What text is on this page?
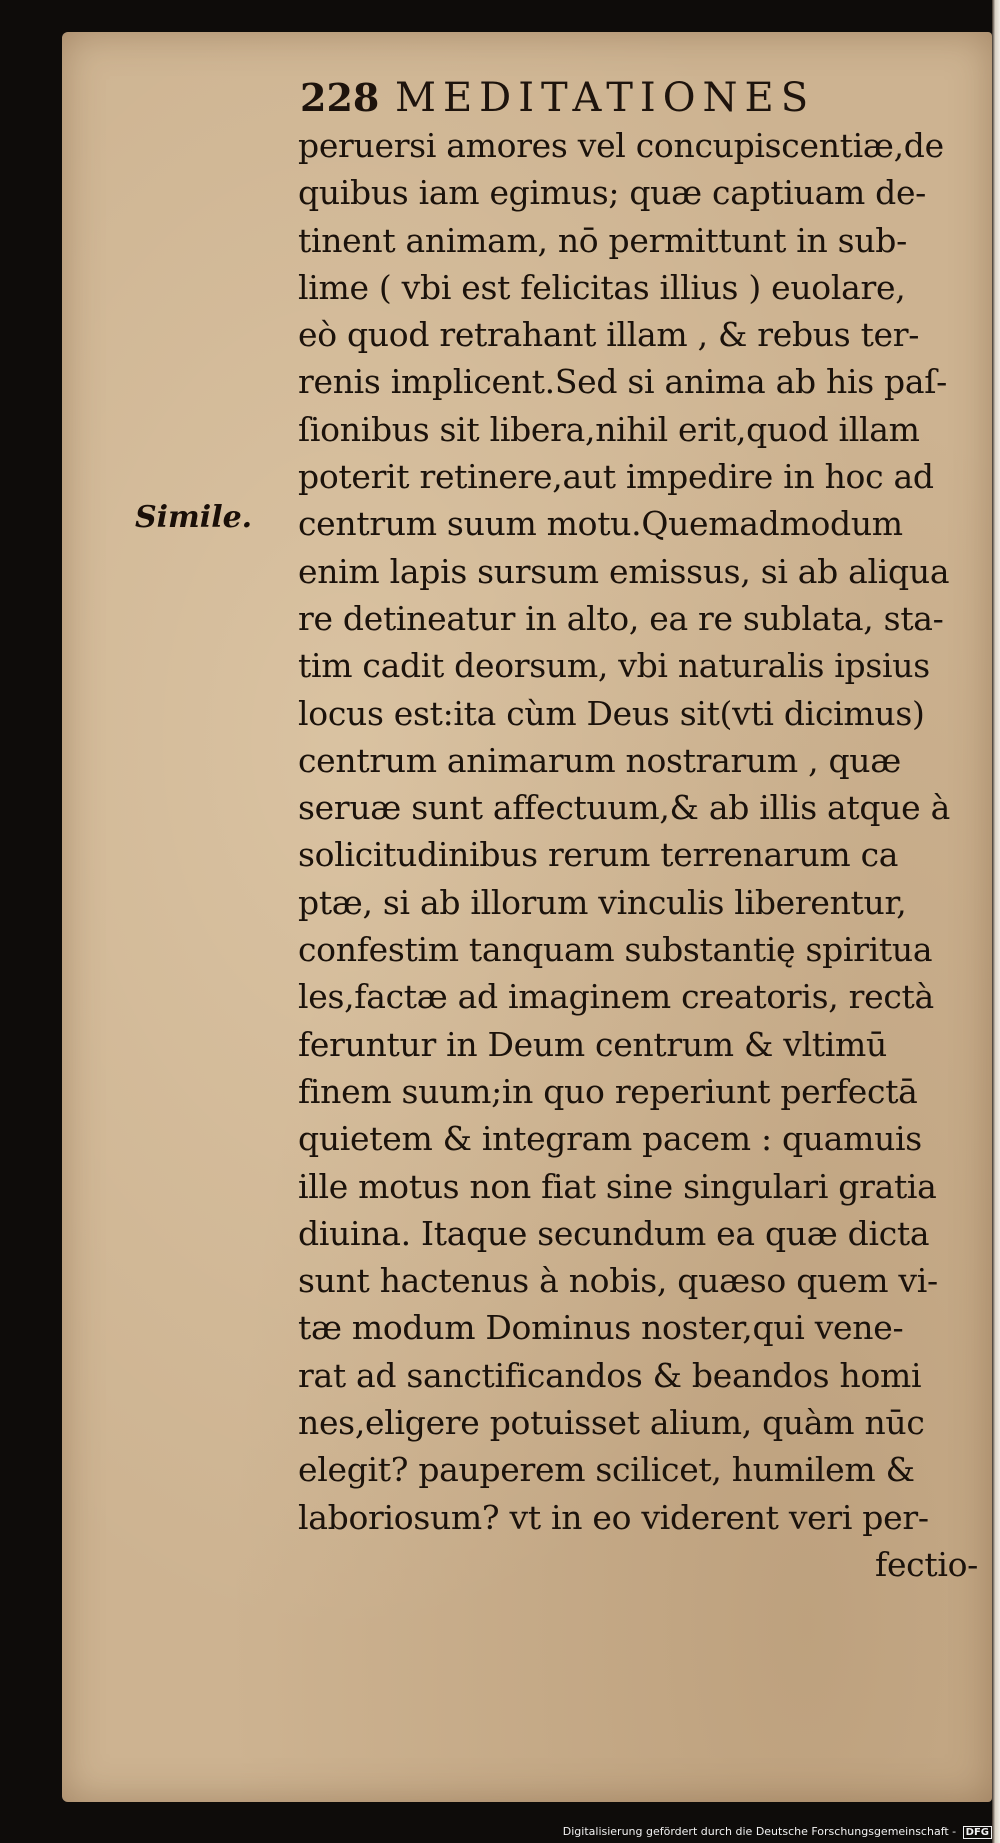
228 MEDITATIONES
Simile.
peruersi amores vel concupiscentiæ,de
quibus iam egimus; quæ captiuam de-
tinent animam, nō permittunt in sub-
lime ( vbi est felicitas illius ) euolare,
eò quod retrahant illam , & rebus ter-
renis implicent.Sed si anima ab his paſ-
ſionibus sit libera,nihil erit,quod illam
poterit retinere,aut impedire in hoc ad
centrum suum motu.Quemadmodum
enim lapis sursum emissus, si ab aliqua
re detineatur in alto, ea re sublata, sta-
tim cadit deorsum, vbi naturalis ipsius
locus est:ita cùm Deus sit(vti dicimus)
centrum animarum nostrarum , quæ
seruæ sunt affectuum,& ab illis atque à
solicitudinibus rerum terrenarum ca
ptæ, si ab illorum vinculis liberentur,
confestim tanquam substantię spiritua
les,factæ ad imaginem creatoris, rectà
feruntur in Deum centrum & vltimū
finem suum;in quo reperiunt perfectā
quietem & integram pacem : quamuis
ille motus non fiat sine singulari gratia
diuina. Itaque secundum ea quæ dicta
sunt hactenus à nobis, quæso quem vi-
tæ modum Dominus noster,qui vene-
rat ad sanctificandos & beandos homi
nes,eligere potuisset alium, quàm nūc
elegit? pauperem scilicet, humilem &
laboriosum? vt in eo viderent veri per-
fectio-
Digitalisierung gefördert durch die Deutsche Forschungsgemeinschaft - DFG
